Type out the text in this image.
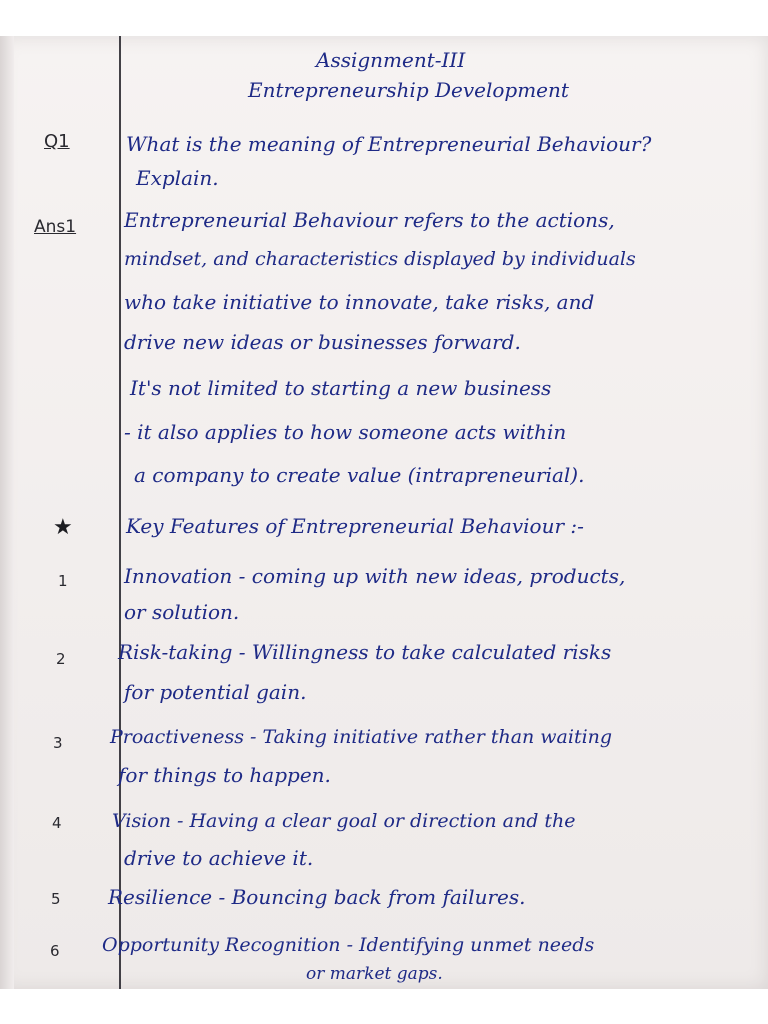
Assignment-III
Entrepreneurship Development
Q1	What is the meaning of Entrepreneurial Behaviour?
Explain.
Ans1 Entrepreneurial Behaviour refers to the actions,
mindset, and characteristics displayed by individuals
who take initiative to innovate, take risks, and
drive new ideas or businesses forward.
It's not limited to starting a new business
- it also applies to how someone acts within
a company to create value (intrapreneurial).
★	Key Features of Entrepreneurial Behaviour :-
1	Innovation - coming up with new ideas, products,
or solution.
2	Risk-taking - Willingness to take calculated risks
for potential gain.
3 Proactiveness - Taking initiative rather than waiting
for things to happen.
4	Vision - Having a clear goal or direction and the
drive to achieve it.
5 Resilience - Bouncing back from failures.
6 Opportunity Recognition - Identifying unmet needs
or market gaps.
